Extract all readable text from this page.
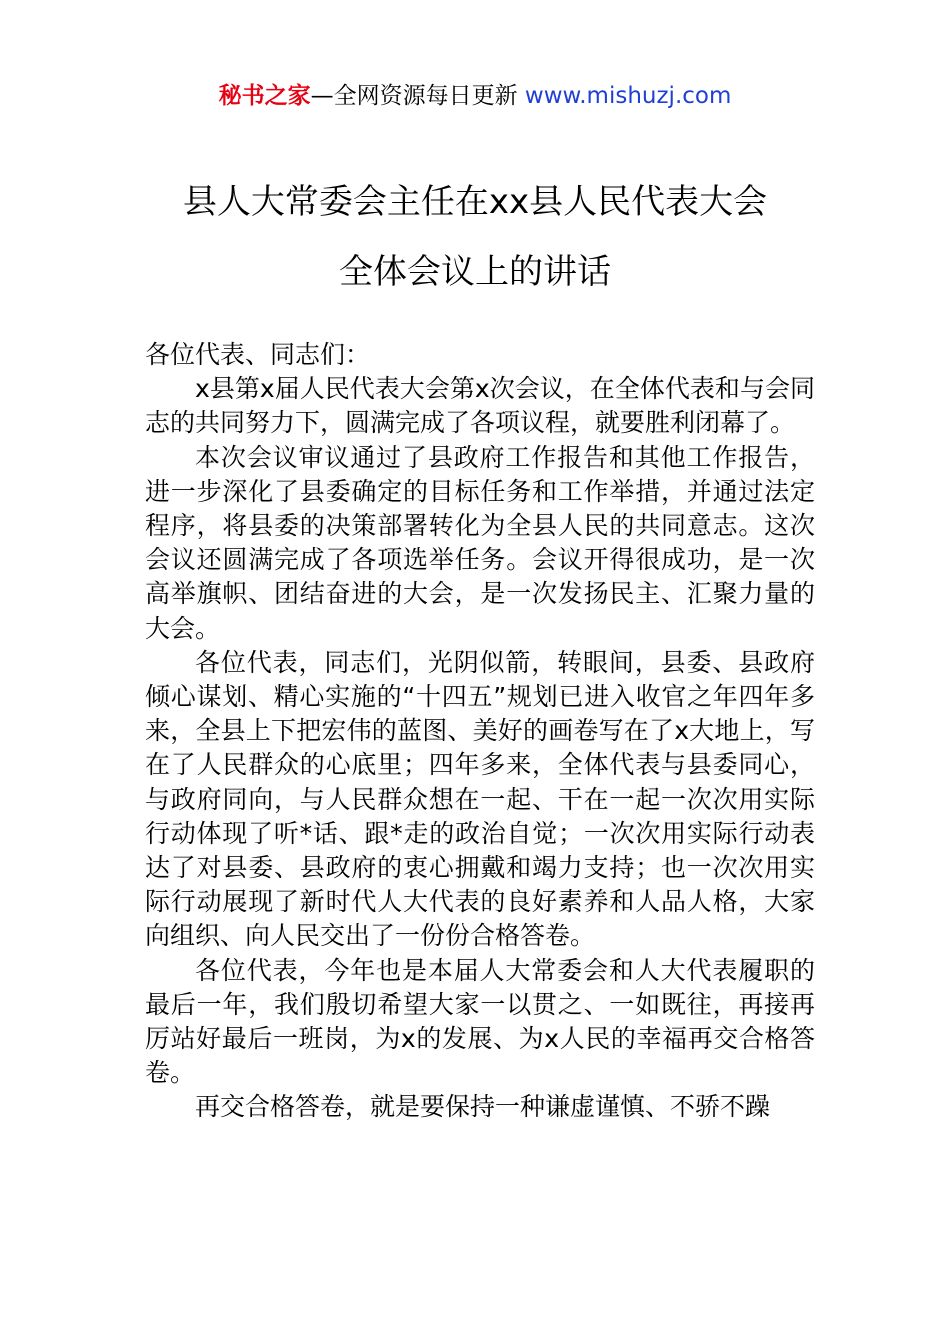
秘书之家—全网资源每日更新 www.mishuzj.com
县人大常委会主任在xx县人民代表大会
全体会议上的讲话

各位代表、同志们：

x县第x届人民代表大会第x次会议，在全体代表和与会同志的共同努力下，圆满完成了各项议程，就要胜利闭幕了。

本次会议审议通过了县政府工作报告和其他工作报告，进一步深化了县委确定的目标任务和工作举措，并通过法定程序，将县委的决策部署转化为全县人民的共同意志。这次会议还圆满完成了各项选举任务。会议开得很成功，是一次高举旗帜、团结奋进的大会，是一次发扬民主、汇聚力量的大会。

各位代表，同志们，光阴似箭，转眼间，县委、县政府倾心谋划、精心实施的“十四五”规划已进入收官之年四年多来，全县上下把宏伟的蓝图、美好的画卷写在了x大地上，写在了人民群众的心底里；四年多来，全体代表与县委同心，与政府同向，与人民群众想在一起、干在一起一次次用实际行动体现了听*话、跟*走的政治自觉；一次次用实际行动表达了对县委、县政府的衷心拥戴和竭力支持；也一次次用实际行动展现了新时代人大代表的良好素养和人品人格，大家向组织、向人民交出了一份份合格答卷。

各位代表，今年也是本届人大常委会和人大代表履职的最后一年，我们殷切希望大家一以贯之、一如既往，再接再厉站好最后一班岗，为x的发展、为x人民的幸福再交合格答卷。

再交合格答卷，就是要保持一种谦虚谨慎、不骄不躁
